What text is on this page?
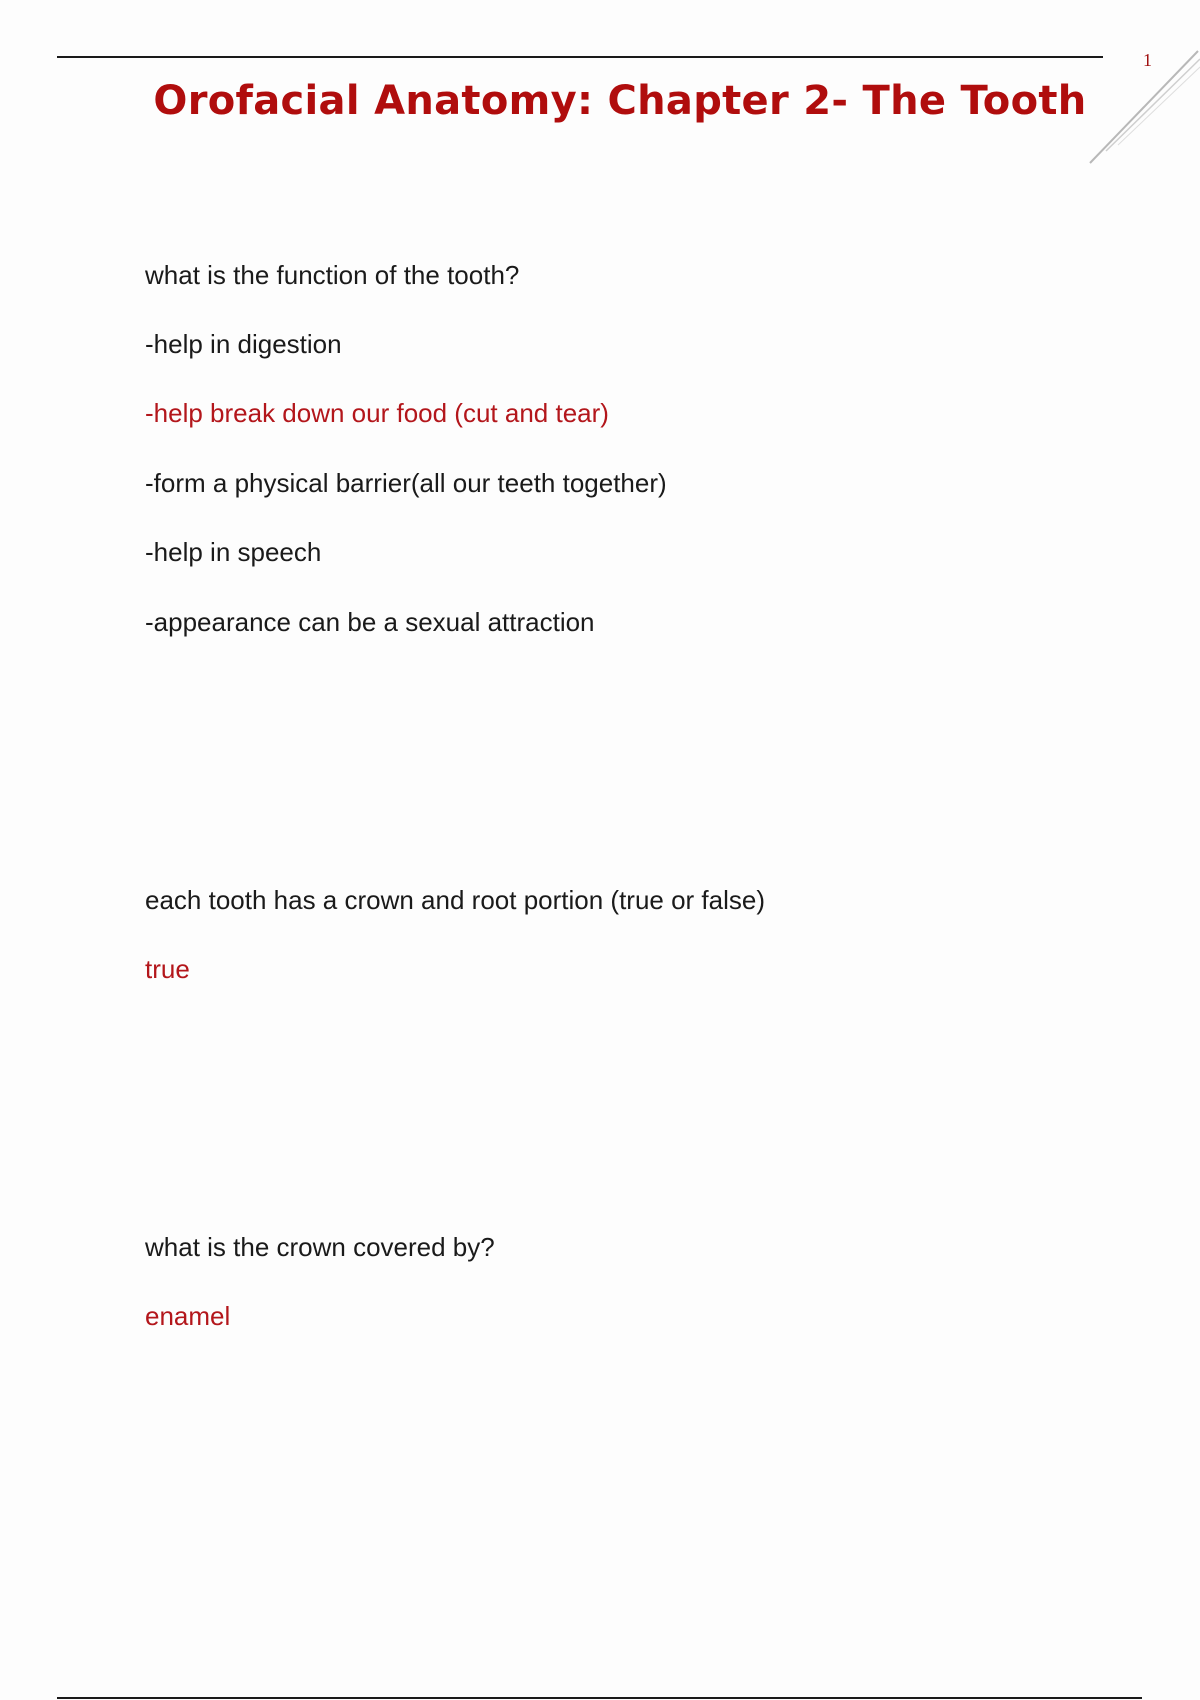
1
Orofacial Anatomy: Chapter 2- The Tooth
what is the function of the tooth?
-help in digestion
-help break down our food (cut and tear)
-form a physical barrier(all our teeth together)
-help in speech
-appearance can be a sexual attraction
each tooth has a crown and root portion (true or false)
true
what is the crown covered by?
enamel
